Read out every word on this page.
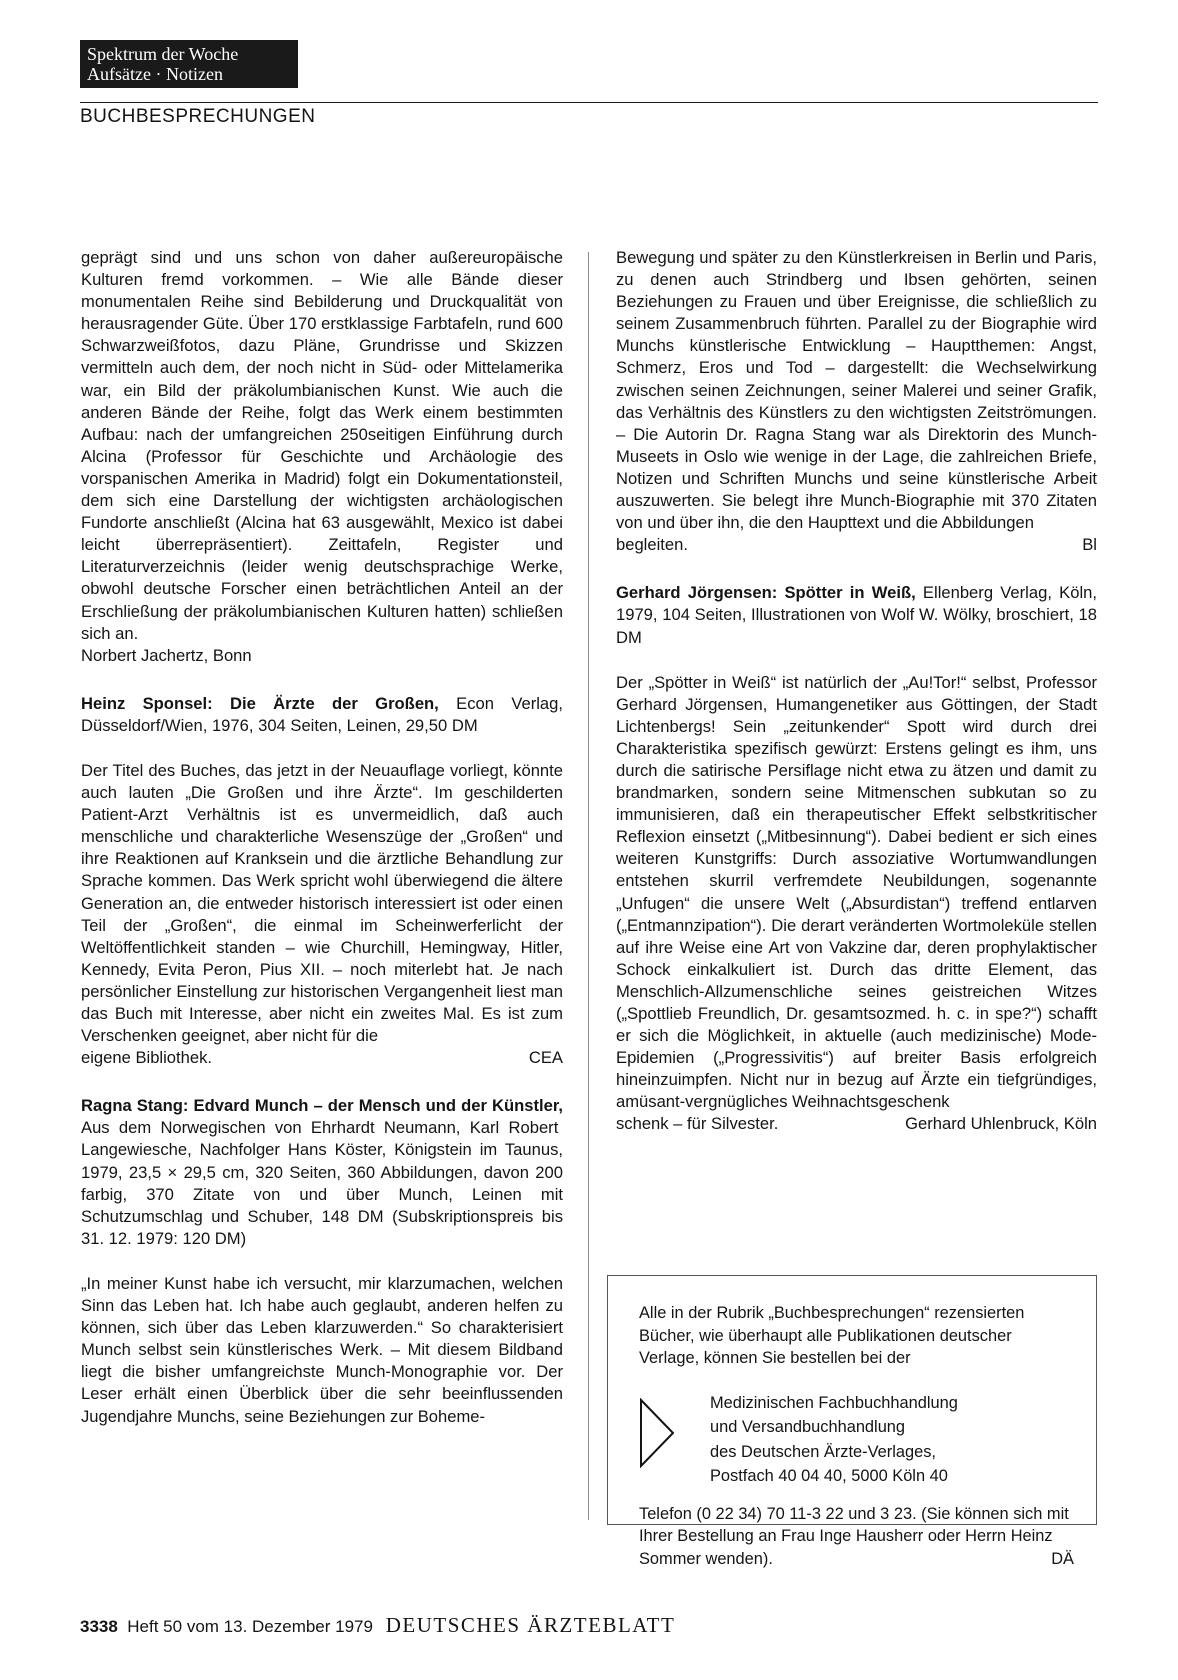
Spektrum der Woche
Aufsätze · Notizen
BUCHBESPRECHUNGEN

geprägt sind und uns schon von daher außereuropäische Kulturen fremd vorkommen. – Wie alle Bände dieser monumentalen Reihe sind Bebilderung und Druckqualität von herausragender Güte. Über 170 erstklassige Farbtafeln, rund 600 Schwarzweißfotos, dazu Pläne, Grundrisse und Skizzen vermitteln auch dem, der noch nicht in Süd- oder Mittelamerika war, ein Bild der präkolumbianischen Kunst. Wie auch die anderen Bände der Reihe, folgt das Werk einem bestimmten Aufbau: nach der umfangreichen 250seitigen Einführung durch Alcina (Professor für Geschichte und Archäologie des vorspanischen Amerika in Madrid) folgt ein Dokumentationsteil, dem sich eine Darstellung der wichtigsten archäologischen Fundorte anschließt (Alcina hat 63 ausgewählt, Mexico ist dabei leicht überrepräsentiert). Zeittafeln, Register und Literaturverzeichnis (leider wenig deutschsprachige Werke, obwohl deutsche Forscher einen beträchtlichen Anteil an der Erschließung der präkolumbianischen Kulturen hatten) schließen sich an.

Norbert Jachertz, Bonn

Heinz Sponsel: Die Ärzte der Großen, Econ Verlag, Düsseldorf/Wien, 1976, 304 Seiten, Leinen, 29,50 DM

Der Titel des Buches, das jetzt in der Neuauflage vorliegt, könnte auch lauten „Die Großen und ihre Ärzte“. Im geschilderten Patient-Arzt Verhältnis ist es unvermeidlich, daß auch menschliche und charakterliche Wesenszüge der „Großen“ und ihre Reaktionen auf Kranksein und die ärztliche Behandlung zur Sprache kommen. Das Werk spricht wohl überwiegend die ältere Generation an, die entweder historisch interessiert ist oder einen Teil der „Großen“, die einmal im Scheinwerferlicht der Weltöffentlichkeit standen – wie Churchill, Hemingway, Hitler, Kennedy, Evita Peron, Pius XII. – noch miterlebt hat. Je nach persönlicher Einstellung zur historischen Vergangenheit liest man das Buch mit Interesse, aber nicht ein zweites Mal. Es ist zum Verschenken geeignet, aber nicht für die

eigene Bibliothek.	CEA

Ragna Stang: Edvard Munch – der Mensch und der Künstler, Aus dem Norwegischen von Ehrhardt Neumann, Karl Robert Langewiesche, Nachfolger Hans Köster, Königstein im Taunus, 1979, 23,5 × 29,5 cm, 320 Seiten, 360 Abbildungen, davon 200 farbig, 370 Zitate von und über Munch, Leinen mit Schutzumschlag und Schuber, 148 DM (Subskriptionspreis bis 31. 12. 1979: 120 DM)

„In meiner Kunst habe ich versucht, mir klarzumachen, welchen Sinn das Leben hat. Ich habe auch geglaubt, anderen helfen zu können, sich über das Leben klarzuwerden.“ So charakterisiert Munch selbst sein künstlerisches Werk. – Mit diesem Bildband liegt die bisher umfangreichste Munch-Monographie vor. Der Leser erhält einen Überblick über die sehr beeinflussenden Jugendjahre Munchs, seine Beziehungen zur Boheme-

Bewegung und später zu den Künstlerkreisen in Berlin und Paris, zu denen auch Strindberg und Ibsen gehörten, seinen Beziehungen zu Frauen und über Ereignisse, die schließlich zu seinem Zusammenbruch führten. Parallel zu der Biographie wird Munchs künstlerische Entwicklung – Hauptthemen: Angst, Schmerz, Eros und Tod – dargestellt: die Wechselwirkung zwischen seinen Zeichnungen, seiner Malerei und seiner Grafik, das Verhältnis des Künstlers zu den wichtigsten Zeitströmungen. – Die Autorin Dr. Ragna Stang war als Direktorin des Munch-Museets in Oslo wie wenige in der Lage, die zahlreichen Briefe, Notizen und Schriften Munchs und seine künstlerische Arbeit auszuwerten. Sie belegt ihre Munch-Biographie mit 370 Zitaten von und über ihn, die den Haupttext und die Abbildungen

begleiten.	Bl

Gerhard Jörgensen: Spötter in Weiß, Ellenberg Verlag, Köln, 1979, 104 Seiten, Illustrationen von Wolf W. Wölky, broschiert, 18 DM

Der „Spötter in Weiß“ ist natürlich der „Au!Tor!“ selbst, Professor Gerhard Jörgensen, Humangenetiker aus Göttingen, der Stadt Lichtenbergs! Sein „zeitunkender“ Spott wird durch drei Charakteristika spezifisch gewürzt: Erstens gelingt es ihm, uns durch die satirische Persiflage nicht etwa zu ätzen und damit zu brandmarken, sondern seine Mitmenschen subkutan so zu immunisieren, daß ein therapeutischer Effekt selbstkritischer Reflexion einsetzt („Mitbesinnung“). Dabei bedient er sich eines weiteren Kunstgriffs: Durch assoziative Wortumwandlungen entstehen skurril verfremdete Neubildungen, sogenannte „Unfugen“ die unsere Welt („Absurdistan“) treffend entlarven („Entmannzipation“). Die derart veränderten Wortmoleküle stellen auf ihre Weise eine Art von Vakzine dar, deren prophylaktischer Schock einkalkuliert ist. Durch das dritte Element, das Menschlich-Allzumenschliche seines geistreichen Witzes („Spottlieb Freundlich, Dr. gesamtsozmed. h. c. in spe?“) schafft er sich die Möglichkeit, in aktuelle (auch medizinische) Mode-Epidemien („Progressivitis“) auf breiter Basis erfolgreich hineinzuimpfen. Nicht nur in bezug auf Ärzte ein tiefgründiges, amüsant-vergnügliches Weihnachtsgeschenk

schenk – für Silvester.	Gerhard Uhlenbruck, Köln

Alle in der Rubrik „Buchbesprechungen“ rezensierten Bücher, wie überhaupt alle Publikationen deutscher Verlage, können Sie bestellen bei der

Medizinischen Fachbuchhandlung
und Versandbuchhandlung
des Deutschen Ärzte-Verlages,
Postfach 40 04 40, 5000 Köln 40

Telefon (0 22 34) 70 11-3 22 und 3 23. (Sie können sich mit Ihrer Bestellung an Frau Inge Hausherr oder Herrn Heinz Sommer wenden).	DÄ

3338 Heft 50 vom 13. Dezember 1979 DEUTSCHES ÄRZTEBLATT
